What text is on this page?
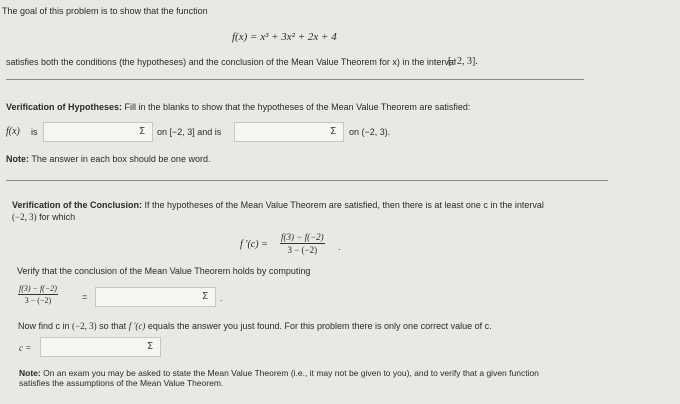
The goal of this problem is to show that the function
f(x) = x³ + 3x² + 2x + 4
satisfies both the conditions (the hypotheses) and the conclusion of the Mean Value Theorem for x) in the interval
[−2, 3].
Verification of Hypotheses: Fill in the blanks to show that the hypotheses of the Mean Value Theorem are satisfied:
f(x) is	Σ	on [−2, 3] and is	Σ	on (−2, 3).
Note: The answer in each box should be one word.
Verification of the Conclusion: If the hypotheses of the Mean Value Theorem are satisfied, then there is at least one c in the interval
(−2, 3) for which
f $'(c) = \frac{f(3) - f(-2)}{3 - (-2)}$ .
Verify that the conclusion of the Mean Value Theorem holds by computing
$\frac{f(3) - f(-2)}{3 - (-2)}$	=	Σ	.
Now find c in (−2, 3) so that f ′(c) equals the answer you just found. For this problem there is only one correct value of c.
c =	Σ
Note: On an exam you may be asked to state the Mean Value Theorem (i.e., it may not be given to you), and to verify that a given function
satisfies the assumptions of the Mean Value Theorem.
